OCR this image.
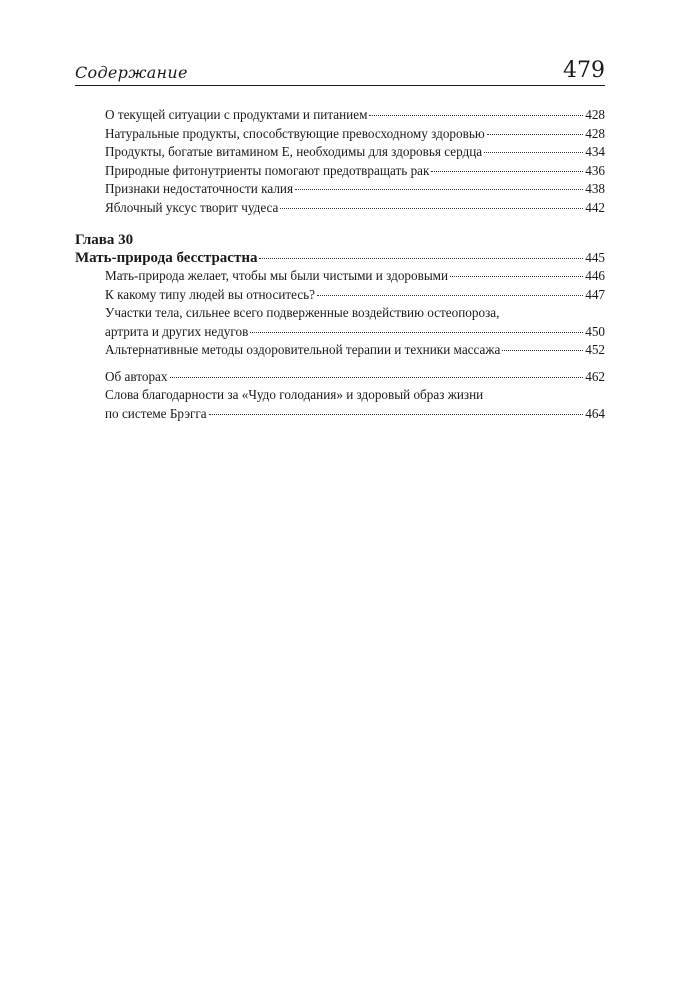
Содержание	479
О текущей ситуации с продуктами и питанием	428
Натуральные продукты, способствующие превосходному здоровью	428
Продукты, богатые витамином Е, необходимы для здоровья сердца	434
Природные фитонутриенты помогают предотвращать рак	436
Признаки недостаточности калия	438
Яблочный уксус творит чудеса	442
Глава 30
Мать-природа бесстрастна	445
Мать-природа желает, чтобы мы были чистыми и здоровыми	446
К какому типу людей вы относитесь?	447
Участки тела, сильнее всего подверженные воздействию остеопороза,
артрита и других недугов	450
Альтернативные методы оздоровительной терапии и техники массажа	452
Об авторах	462
Слова благодарности за «Чудо голодания» и здоровый образ жизни
по системе Брэгга	464
